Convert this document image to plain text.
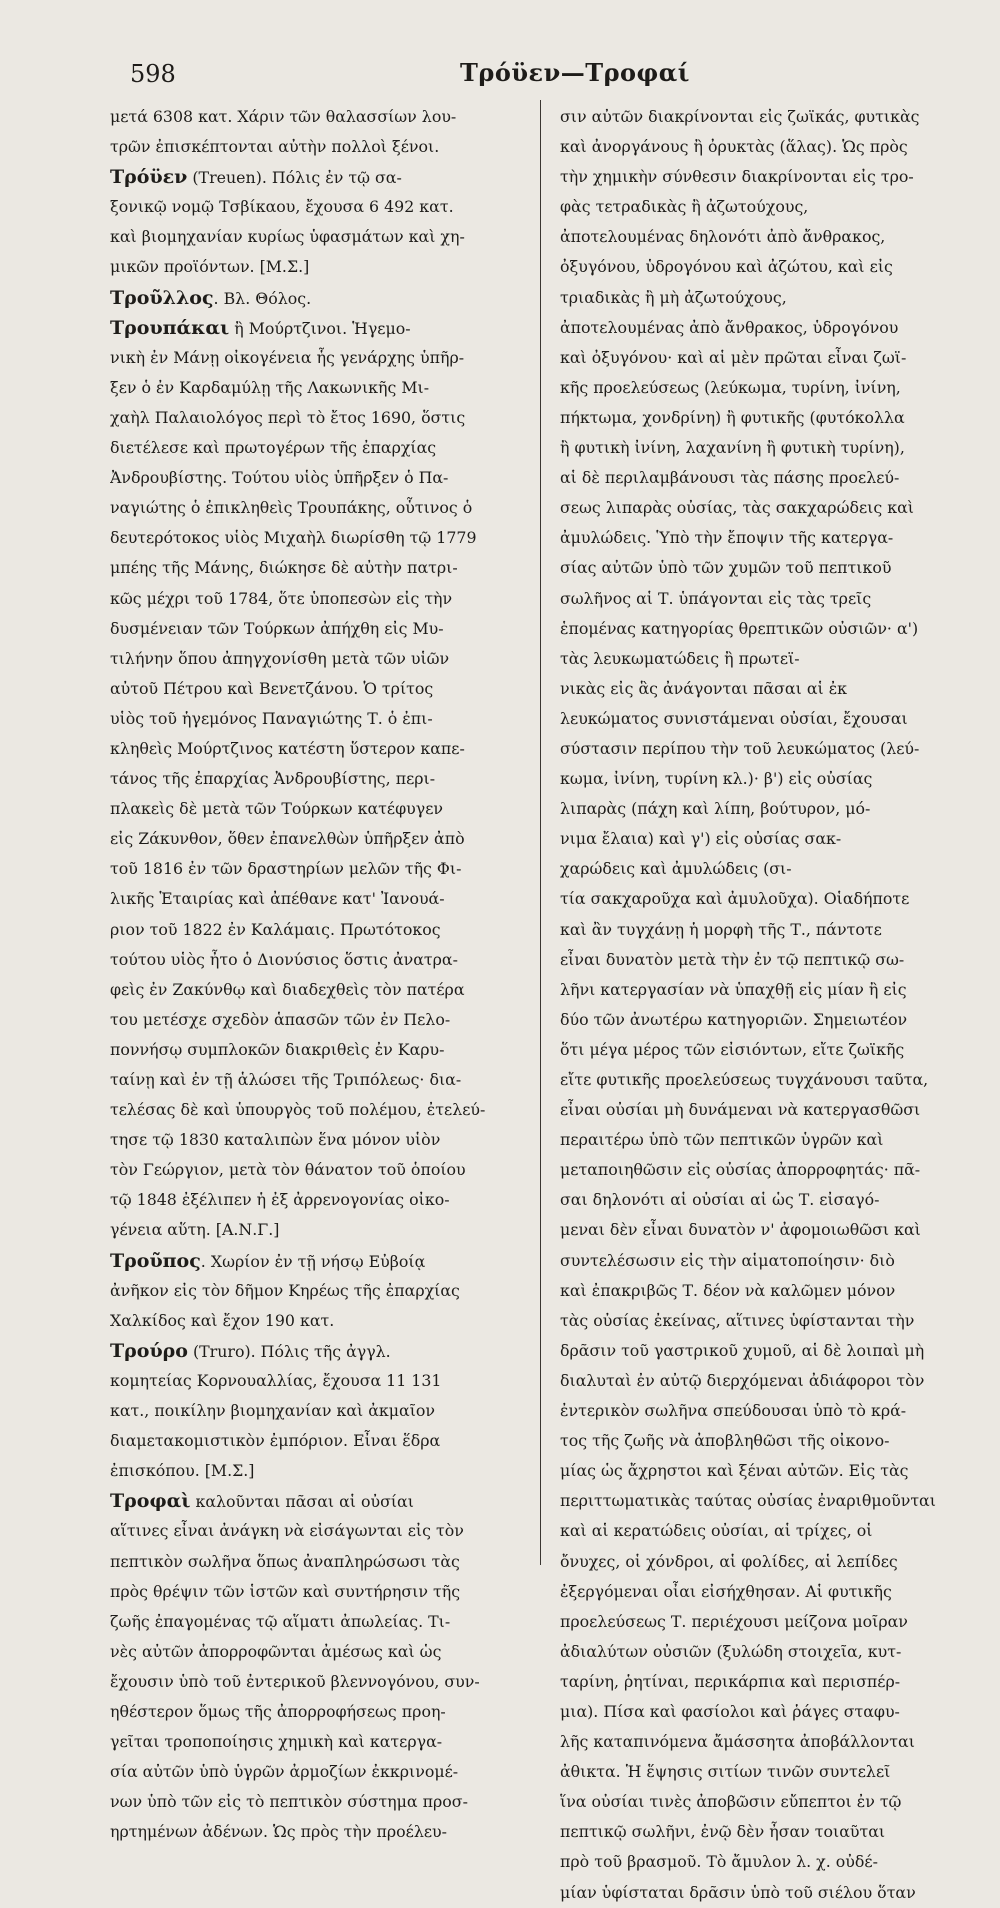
598	Τρόϋεν—Τροφαί
μετά 6308 κατ. Χάριν τῶν θαλασσίων λου-
τρῶν ἐπισκέπτονται αὐτὴν πολλοὶ ξένοι.
Τρόϋεν (Treuen). Πόλις ἐν τῷ σα-
ξονικῷ νομῷ Τσβίκαου, ἔχουσα 6 492 κατ.
καὶ βιομηχανίαν κυρίως ὑφασμάτων καὶ χη-
μικῶν προϊόντων. [Μ.Σ.]
Τροῦλλος. Βλ. Θόλος.
Τρουπάκαι ἢ Μούρτζινοι. Ἡγεμο-
νικὴ ἐν Μάνῃ οἰκογένεια ἧς γενάρχης ὑπῆρ-
ξεν ὁ ἐν Καρδαμύλῃ τῆς Λακωνικῆς Μι-
χαὴλ Παλαιολόγος περὶ τὸ ἔτος 1690, ὅστις
διετέλεσε καὶ πρωτογέρων τῆς ἐπαρχίας
Ἀνδρουβίστης. Τούτου υἱὸς ὑπῆρξεν ὁ Πα-
ναγιώτης ὁ ἐπικληθεὶς Τρουπάκης, οὗτινος ὁ
δευτερότοκος υἱὸς Μιχαὴλ διωρίσθη τῷ 1779
μπέης τῆς Μάνης, διώκησε δὲ αὐτὴν πατρι-
κῶς μέχρι τοῦ 1784, ὅτε ὑποπεσὼν εἰς τὴν
δυσμένειαν τῶν Τούρκων ἀπήχθη εἰς Μυ-
τιλήνην ὅπου ἀπηγχονίσθη μετὰ τῶν υἱῶν
αὐτοῦ Πέτρου καὶ Βενετζάνου. Ὁ τρίτος
υἱὸς τοῦ ἡγεμόνος Παναγιώτης Τ. ὁ ἐπι-
κληθεὶς Μούρτζινος κατέστη ὕστερον καπε-
τάνος τῆς ἐπαρχίας Ἀνδρουβίστης, περι-
πλακεὶς δὲ μετὰ τῶν Τούρκων κατέφυγεν
εἰς Ζάκυνθον, ὅθεν ἐπανελθὼν ὑπῆρξεν ἀπὸ
τοῦ 1816 ἐν τῶν δραστηρίων μελῶν τῆς Φι-
λικῆς Ἑταιρίας καὶ ἀπέθανε κατ' Ἰανουά-
ριον τοῦ 1822 ἐν Καλάμαις. Πρωτότοκος
τούτου υἱὸς ἦτο ὁ Διονύσιος ὅστις ἀνατρα-
φεὶς ἐν Ζακύνθῳ καὶ διαδεχθεὶς τὸν πατέρα
του μετέσχε σχεδὸν ἁπασῶν τῶν ἐν Πελο-
ποννήσῳ συμπλοκῶν διακριθεὶς ἐν Καρυ-
ταίνῃ καὶ ἐν τῇ ἁλώσει τῆς Τριπόλεως· δια-
τελέσας δὲ καὶ ὑπουργὸς τοῦ πολέμου, ἐτελεύ-
τησε τῷ 1830 καταλιπὼν ἕνα μόνον υἱὸν
τὸν Γεώργιον, μετὰ τὸν θάνατον τοῦ ὁποίου
τῷ 1848 ἐξέλιπεν ἡ ἐξ ἀρρενογονίας οἰκο-
γένεια αὕτη. [Α.Ν.Γ.]
Τροῦπος. Χωρίον ἐν τῇ νήσῳ Εὐβοίᾳ
ἀνῆκον εἰς τὸν δῆμον Κηρέως τῆς ἐπαρχίας
Χαλκίδος καὶ ἔχον 190 κατ.
Τρούρο (Truro). Πόλις τῆς ἀγγλ.
κομητείας Κορνουαλλίας, ἔχουσα 11 131
κατ., ποικίλην βιομηχανίαν καὶ ἀκμαῖον
διαμετακομιστικὸν ἐμπόριον. Εἶναι ἕδρα
ἐπισκόπου. [Μ.Σ.]
Τροφαὶ καλοῦνται πᾶσαι αἱ οὐσίαι
αἵτινες εἶναι ἀνάγκη νὰ εἰσάγωνται εἰς τὸν
πεπτικὸν σωλῆνα ὅπως ἀναπληρώσωσι τὰς
πρὸς θρέψιν τῶν ἱστῶν καὶ συντήρησιν τῆς
ζωῆς ἐπαγομένας τῷ αἵματι ἀπωλείας. Τι-
νὲς αὐτῶν ἀπορροφῶνται ἀμέσως καὶ ὡς
ἔχουσιν ὑπὸ τοῦ ἐντερικοῦ βλεννογόνου, συν-
ηθέστερον ὅμως τῆς ἀπορροφήσεως προη-
γεῖται τροποποίησις χημικὴ καὶ κατεργα-
σία αὐτῶν ὑπὸ ὑγρῶν ἀρμοζίων ἐκκρινομέ-
νων ὑπὸ τῶν εἰς τὸ πεπτικὸν σύστημα προσ-
ηρτημένων ἀδένων. Ὡς πρὸς τὴν προέλευ-
σιν αὐτῶν διακρίνονται εἰς ζωϊκάς, φυτικὰς
καὶ ἀνοργάνους ἢ ὀρυκτὰς (ἅλας). Ὡς πρὸς
τὴν χημικὴν σύνθεσιν διακρίνονται εἰς τρο-
φὰς τετραδικὰς ἢ ἀζωτούχους,
ἀποτελουμένας δηλονότι ἀπὸ ἄνθρακος,
ὀξυγόνου, ὑδρογόνου καὶ ἀζώτου, καὶ εἰς
τριαδικὰς ἢ μὴ ἀζωτούχους,
ἀποτελουμένας ἀπὸ ἄνθρακος, ὑδρογόνου
καὶ ὀξυγόνου· καὶ αἱ μὲν πρῶται εἶναι ζωϊ-
κῆς προελεύσεως (λεύκωμα, τυρίνη, ἰνίνη,
πήκτωμα, χονδρίνη) ἢ φυτικῆς (φυτόκολλα
ἢ φυτικὴ ἰνίνη, λαχανίνη ἢ φυτικὴ τυρίνη),
αἱ δὲ περιλαμβάνουσι τὰς πάσης προελεύ-
σεως λιπαρὰς οὐσίας, τὰς σακχαρώδεις καὶ
ἀμυλώδεις. Ὑπὸ τὴν ἔποψιν τῆς κατεργα-
σίας αὐτῶν ὑπὸ τῶν χυμῶν τοῦ πεπτικοῦ
σωλῆνος αἱ Τ. ὑπάγονται εἰς τὰς τρεῖς
ἑπομένας κατηγορίας θρεπτικῶν οὐσιῶν· α')
τὰς λευκωματώδεις ἢ πρωτεϊ-
νικὰς εἰς ἃς ἀνάγονται πᾶσαι αἱ ἐκ
λευκώματος συνιστάμεναι οὐσίαι, ἔχουσαι
σύστασιν περίπου τὴν τοῦ λευκώματος (λεύ-
κωμα, ἰνίνη, τυρίνη κλ.)· β') εἰς οὐσίας
λιπαρὰς (πάχη καὶ λίπη, βούτυρον, μό-
νιμα ἔλαια) καὶ γ') εἰς οὐσίας σακ-
χαρώδεις καὶ ἀμυλώδεις (σι-
τία σακχαροῦχα καὶ ἀμυλοῦχα). Οἱαδήποτε
καὶ ἂν τυγχάνῃ ἡ μορφὴ τῆς Τ., πάντοτε
εἶναι δυνατὸν μετὰ τὴν ἐν τῷ πεπτικῷ σω-
λῆνι κατεργασίαν νὰ ὑπαχθῇ εἰς μίαν ἢ εἰς
δύο τῶν ἀνωτέρω κατηγοριῶν. Σημειωτέον
ὅτι μέγα μέρος τῶν εἰσιόντων, εἴτε ζωϊκῆς
εἴτε φυτικῆς προελεύσεως τυγχάνουσι ταῦτα,
εἶναι οὐσίαι μὴ δυνάμεναι νὰ κατεργασθῶσι
περαιτέρω ὑπὸ τῶν πεπτικῶν ὑγρῶν καὶ
μεταποιηθῶσιν εἰς οὐσίας ἀπορροφητάς· πᾶ-
σαι δηλονότι αἱ οὐσίαι αἱ ὡς Τ. εἰσαγό-
μεναι δὲν εἶναι δυνατὸν ν' ἀφομοιωθῶσι καὶ
συντελέσωσιν εἰς τὴν αἱματοποίησιν· διὸ
καὶ ἐπακριβῶς Τ. δέον νὰ καλῶμεν μόνον
τὰς οὐσίας ἐκείνας, αἵτινες ὑφίστανται τὴν
δρᾶσιν τοῦ γαστρικοῦ χυμοῦ, αἱ δὲ λοιπαὶ μὴ
διαλυταὶ ἐν αὐτῷ διερχόμεναι ἀδιάφοροι τὸν
ἐντερικὸν σωλῆνα σπεύδουσαι ὑπὸ τὸ κρά-
τος τῆς ζωῆς νὰ ἀποβληθῶσι τῆς οἰκονο-
μίας ὡς ἄχρηστοι καὶ ξέναι αὐτῶν. Εἰς τὰς
περιττωματικὰς ταύτας οὐσίας ἐναριθμοῦνται
καὶ αἱ κερατώδεις οὐσίαι, αἱ τρίχες, οἱ
ὄνυχες, οἱ χόνδροι, αἱ φολίδες, αἱ λεπίδες
ἐξεργόμεναι οἶαι εἰσήχθησαν. Αἱ φυτικῆς
προελεύσεως Τ. περιέχουσι μείζονα μοῖραν
ἀδιαλύτων οὐσιῶν (ξυλώδη στοιχεῖα, κυτ-
ταρίνη, ῥητίναι, περικάρπια καὶ περισπέρ-
μια). Πίσα καὶ φασίολοι καὶ ῥάγες σταφυ-
λῆς καταπινόμενα ἄμάσσητα ἀποβάλλονται
ἀθικτα. Ἡ ἕψησις σιτίων τινῶν συντελεῖ
ἵνα οὐσίαι τινὲς ἀποβῶσιν εὔπεπτοι ἐν τῷ
πεπτικῷ σωλῆνι, ἐνῷ δὲν ἦσαν τοιαῦται
πρὸ τοῦ βρασμοῦ. Τὸ ἄμυλον λ. χ. οὐδέ-
μίαν ὑφίσταται δρᾶσιν ὑπὸ τοῦ σιέλου ὅταν
